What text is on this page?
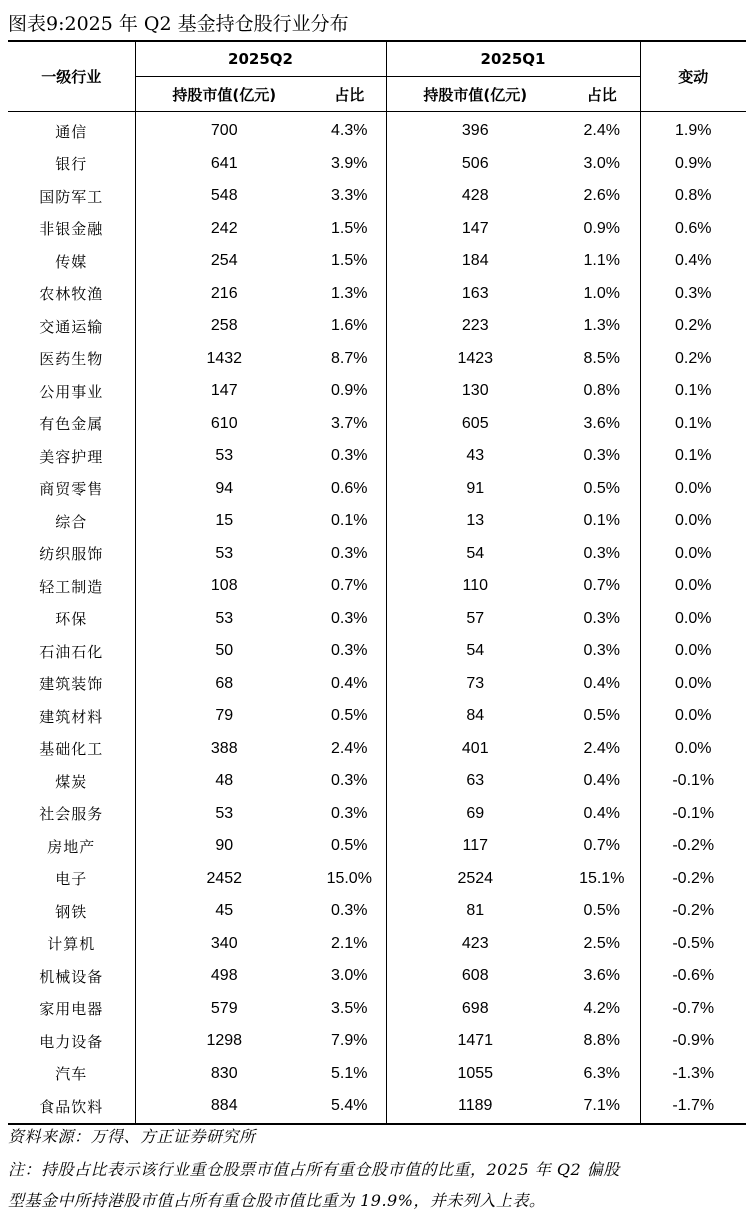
图表9:2025 年 Q2 基金持仓股行业分布
一级行业	2025Q2		2025Q1		变动
	持股市值(亿元)	占比	持股市值(亿元)	占比	
通信	700	4.3%	396	2.4%	1.9%
银行	641	3.9%	506	3.0%	0.9%
国防军工	548	3.3%	428	2.6%	0.8%
非银金融	242	1.5%	147	0.9%	0.6%
传媒	254	1.5%	184	1.1%	0.4%
农林牧渔	216	1.3%	163	1.0%	0.3%
交通运输	258	1.6%	223	1.3%	0.2%
医药生物	1432	8.7%	1423	8.5%	0.2%
公用事业	147	0.9%	130	0.8%	0.1%
有色金属	610	3.7%	605	3.6%	0.1%
美容护理	53	0.3%	43	0.3%	0.1%
商贸零售	94	0.6%	91	0.5%	0.0%
综合	15	0.1%	13	0.1%	0.0%
纺织服饰	53	0.3%	54	0.3%	0.0%
轻工制造	108	0.7%	110	0.7%	0.0%
环保	53	0.3%	57	0.3%	0.0%
石油石化	50	0.3%	54	0.3%	0.0%
建筑装饰	68	0.4%	73	0.4%	0.0%
建筑材料	79	0.5%	84	0.5%	0.0%
基础化工	388	2.4%	401	2.4%	0.0%
煤炭	48	0.3%	63	0.4%	-0.1%
社会服务	53	0.3%	69	0.4%	-0.1%
房地产	90	0.5%	117	0.7%	-0.2%
电子	2452	15.0%	2524	15.1%	-0.2%
钢铁	45	0.3%	81	0.5%	-0.2%
计算机	340	2.1%	423	2.5%	-0.5%
机械设备	498	3.0%	608	3.6%	-0.6%
家用电器	579	3.5%	698	4.2%	-0.7%
电力设备	1298	7.9%	1471	8.8%	-0.9%
汽车	830	5.1%	1055	6.3%	-1.3%
食品饮料	884	5.4%	1189	7.1%	-1.7%
资料来源：万得、方正证券研究所
注：持股占比表示该行业重仓股票市值占所有重仓股市值的比重，2025 年 Q2 偏股
型基金中所持港股市值占所有重仓股市值比重为 19.9%，并未列入上表。
